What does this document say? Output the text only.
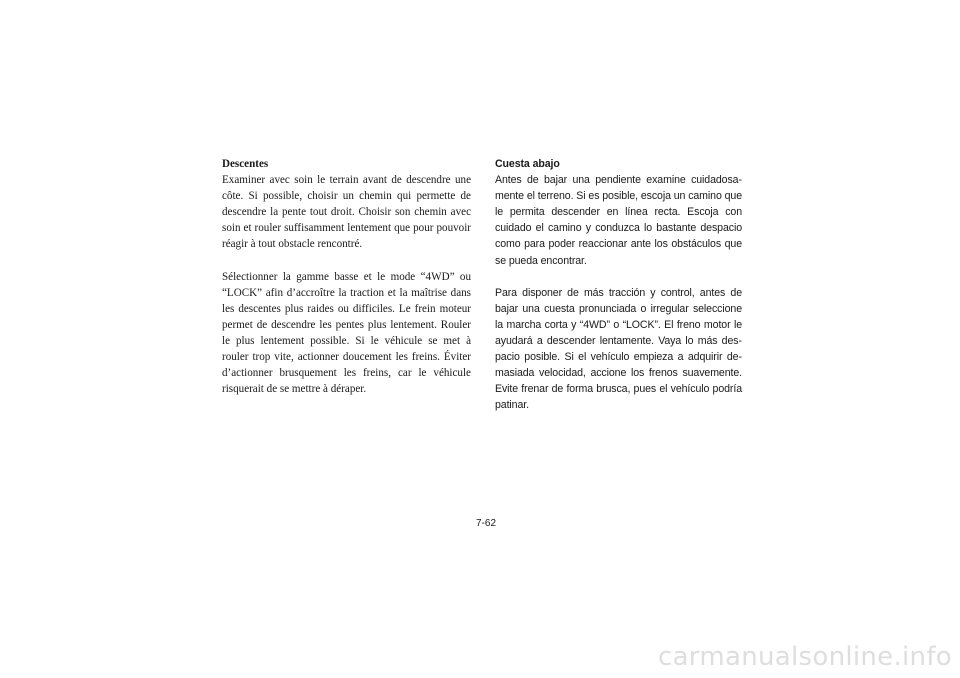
Descentes

Examiner avec soin le terrain avant de descendre une côte. Si possible, choisir un chemin qui permette de descendre la pente tout droit. Choisir son chemin avec soin et rouler suffisamment lentement que pour pouvoir réagir à tout obstacle rencontré.

Sélectionner la gamme basse et le mode “4WD” ou “LOCK” afin d’accroître la traction et la maîtrise dans les descentes plus raides ou difficiles. Le frein moteur permet de descendre les pentes plus lentement. Rouler le plus lentement possible. Si le véhicule se met à rouler trop vite, actionner doucement les freins. Éviter d’actionner brusquement les freins, car le véhicule risquerait de se mettre à déraper.

Cuesta abajo

Antes de bajar una pendiente examine cuidadosamente el terreno. Si es posible, escoja un camino que le permita descender en línea recta. Escoja con cuidado el camino y conduzca lo bastante despacio como para poder reaccionar ante los obstáculos que se pueda encontrar.

Para disponer de más tracción y control, antes de bajar una cuesta pronunciada o irregular seleccione la marcha corta y “4WD” o “LOCK”. El freno motor le ayudará a descender lentamente. Vaya lo más despacio posible. Si el vehículo empieza a adquirir demasiada velocidad, accione los frenos suavemente. Evite frenar de forma brusca, pues el vehículo podría patinar.

7-62
carmanualsonline.info
